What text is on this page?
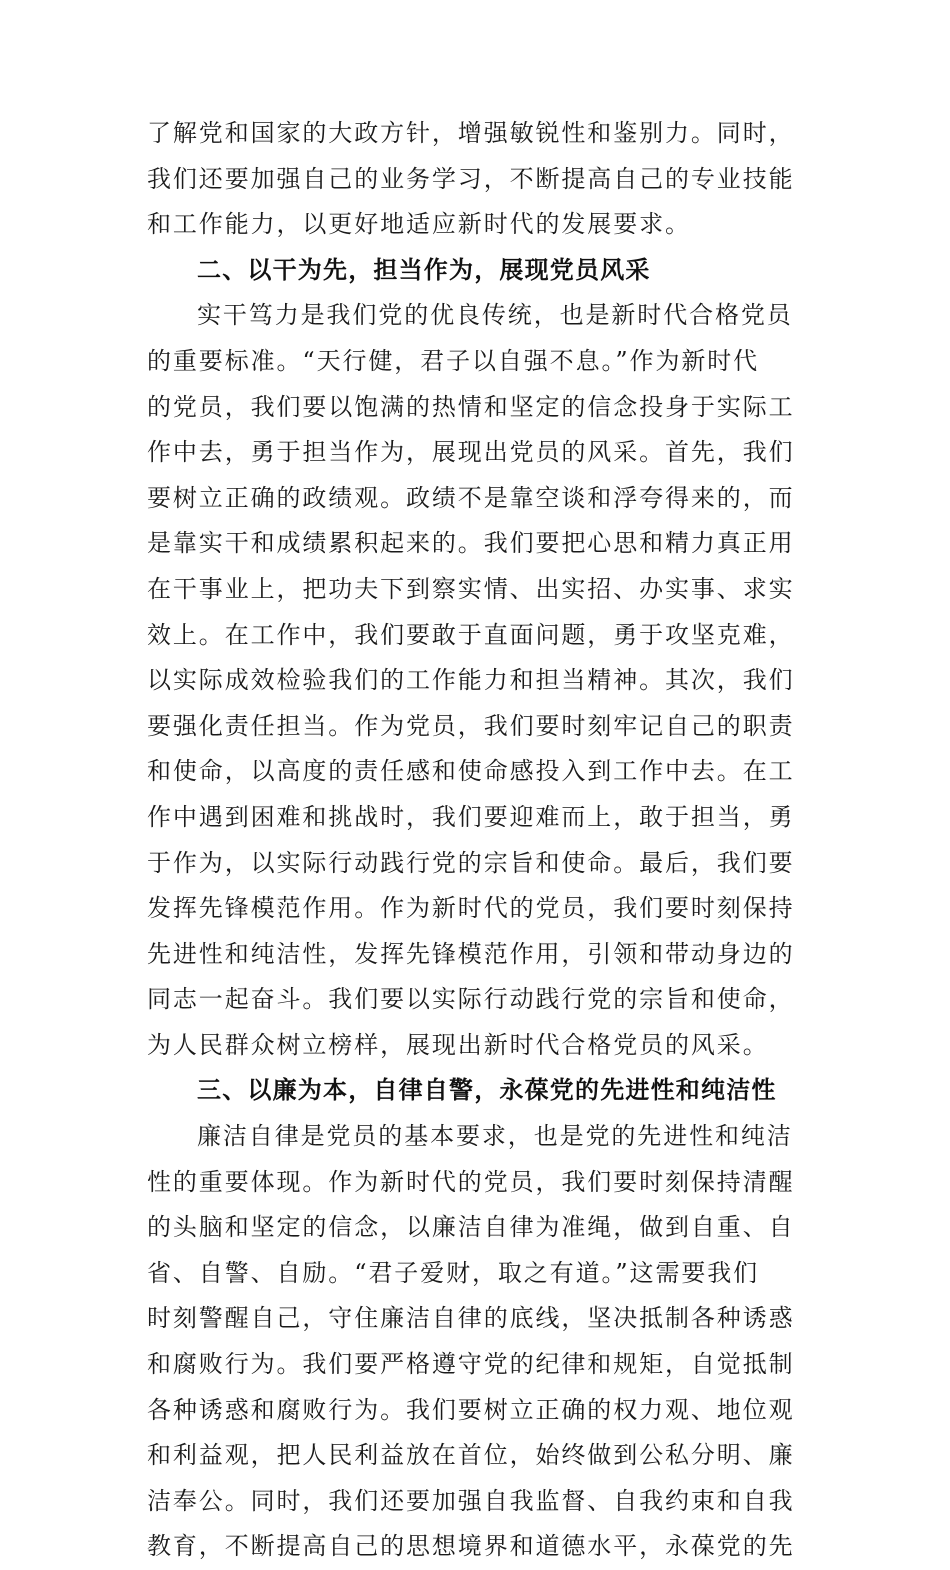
了解党和国家的大政方针，增强敏锐性和鉴别力。同时，
我们还要加强自己的业务学习，不断提高自己的专业技能
和工作能力，以更好地适应新时代的发展要求。
二、以干为先，担当作为，展现党员风采
实干笃力是我们党的优良传统，也是新时代合格党员
的重要标准。“天行健，君子以自强不息。”作为新时代
的党员，我们要以饱满的热情和坚定的信念投身于实际工
作中去，勇于担当作为，展现出党员的风采。首先，我们
要树立正确的政绩观。政绩不是靠空谈和浮夸得来的，而
是靠实干和成绩累积起来的。我们要把心思和精力真正用
在干事业上，把功夫下到察实情、出实招、办实事、求实
效上。在工作中，我们要敢于直面问题，勇于攻坚克难，
以实际成效检验我们的工作能力和担当精神。其次，我们
要强化责任担当。作为党员，我们要时刻牢记自己的职责
和使命，以高度的责任感和使命感投入到工作中去。在工
作中遇到困难和挑战时，我们要迎难而上，敢于担当，勇
于作为，以实际行动践行党的宗旨和使命。最后，我们要
发挥先锋模范作用。作为新时代的党员，我们要时刻保持
先进性和纯洁性，发挥先锋模范作用，引领和带动身边的
同志一起奋斗。我们要以实际行动践行党的宗旨和使命，
为人民群众树立榜样，展现出新时代合格党员的风采。
三、以廉为本，自律自警，永葆党的先进性和纯洁性
廉洁自律是党员的基本要求，也是党的先进性和纯洁
性的重要体现。作为新时代的党员，我们要时刻保持清醒
的头脑和坚定的信念，以廉洁自律为准绳，做到自重、自
省、自警、自励。“君子爱财，取之有道。”这需要我们
时刻警醒自己，守住廉洁自律的底线，坚决抵制各种诱惑
和腐败行为。我们要严格遵守党的纪律和规矩，自觉抵制
各种诱惑和腐败行为。我们要树立正确的权力观、地位观
和利益观，把人民利益放在首位，始终做到公私分明、廉
洁奉公。同时，我们还要加强自我监督、自我约束和自我
教育，不断提高自己的思想境界和道德水平，永葆党的先
